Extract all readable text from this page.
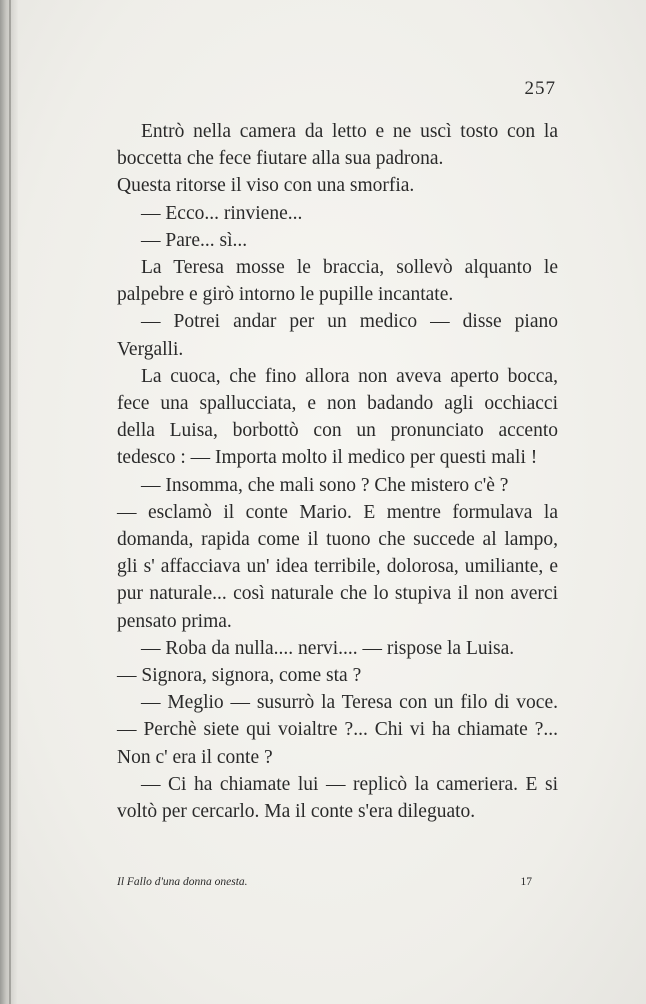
257

Entrò nella camera da letto e ne uscì tosto con la boccetta che fece fiutare alla sua padrona.

Questa ritorse il viso con una smorfia.

— Ecco... rinviene...

— Pare... sì...

La Teresa mosse le braccia, sollevò alquanto le palpebre e girò intorno le pupille incantate.

— Potrei andar per un medico — disse piano Vergalli.

La cuoca, che fino allora non aveva aperto bocca, fece una spallucciata, e non badando agli occhiacci della Luisa, borbottò con un pronunciato accento tedesco : — Importa molto il medico per questi mali !

— Insomma, che mali sono ? Che mistero c'è ?

— esclamò il conte Mario. E mentre formulava la domanda, rapida come il tuono che succede al lampo, gli s' affacciava un' idea terribile, dolorosa, umiliante, e pur naturale... così naturale che lo stupiva il non averci pensato prima.

— Roba da nulla.... nervi.... — rispose la Luisa.

— Signora, signora, come sta ?

— Meglio — susurrò la Teresa con un filo di voce. — Perchè siete qui voialtre ?... Chi vi ha chiamate ?... Non c' era il conte ?

— Ci ha chiamate lui — replicò la cameriera. E si voltò per cercarlo. Ma il conte s'era dileguato.

Il Fallo d'una donna onesta.	17
